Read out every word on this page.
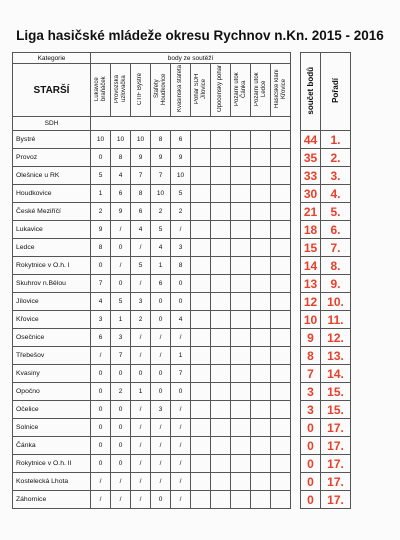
Liga hasičské mládeže okresu Rychnov n.Kn. 2015 - 2016
Kategorie	body ze soutěží											součet bodů	Pořadí
STARŠÍ	Lukavice braňáček	Provozská uzlovačka	CTIF Bystré	Štafety Houdkovice	Kvasinská štafeta	Pohár SDH Jílovice	Opočenský pohár	Požární útok Čánka	Požární útok Ledce	Hasičské klání Křovice			
SDH													
Bystré	10	10	10	8	6							44	1.
Provoz	0	8	9	9	9							35	2.
Olešnice u RK	5	4	7	7	10							33	3.
Houdkovice	1	6	8	10	5							30	4.
České Meziříčí	2	9	6	2	2							21	5.
Lukavice	9	/	4	5	/							18	6.
Ledce	8	0	/	4	3							15	7.
Rokytnice v O.h. I	0	/	5	1	8							14	8.
Skuhrov n.Bělou	7	0	/	6	0							13	9.
Jílovice	4	5	3	0	0							12	10.
Křovice	3	1	2	0	4							10	11.
Osečnice	6	3	/	/	/							9	12.
Třebešov	/	7	/	/	1							8	13.
Kvasiny	0	0	0	0	7							7	14.
Opočno	0	2	1	0	0							3	15.
Očelice	0	0	/	3	/							3	15.
Solnice	0	0	/	/	/							0	17.
Čánka	0	0	/	/	/							0	17.
Rokytnice v O.h. II	0	0	/	/	/							0	17.
Kostelecká Lhota	/	/	/	/	/							0	17.
Záhornice	/	/	/	0	/							0	17.
